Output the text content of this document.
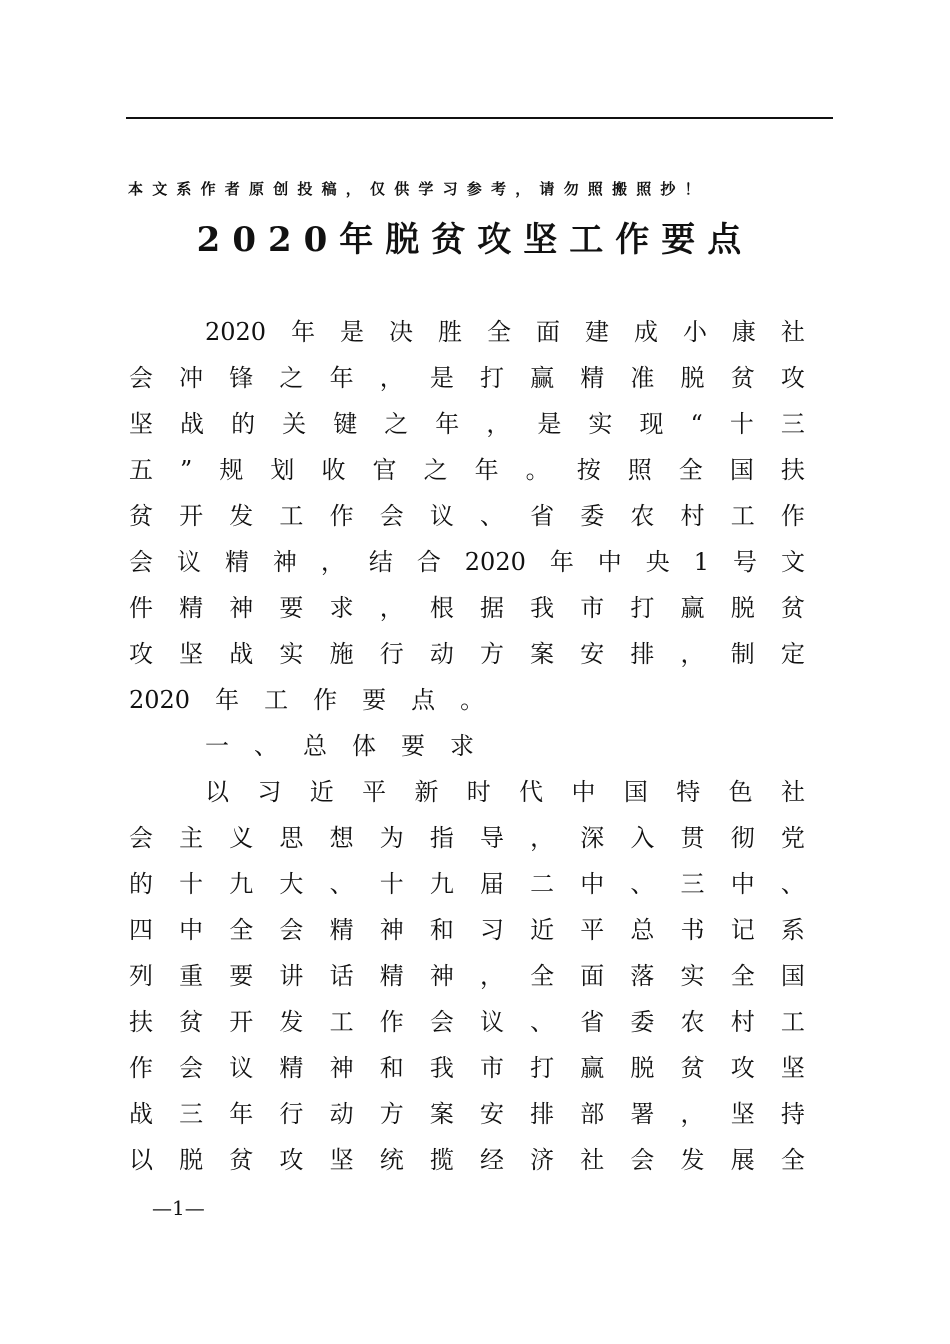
本文系作者原创投稿，仅供学习参考，请勿照搬照抄！
2020年脱贫攻坚工作要点
2020 年 是 决 胜 全 面 建 成 小 康 社
会 冲 锋 之 年 ， 是 打 赢 精 准 脱 贫 攻
坚 战 的 关 键 之 年 ， 是 实 现 “ 十 三
五 ” 规 划 收 官 之 年 。 按 照 全 国 扶
贫 开 发 工 作 会 议 、 省 委 农 村 工 作
会 议 精 神 ， 结 合 2020 年 中 央 1 号 文
件 精 神 要 求 ， 根 据 我 市 打 赢 脱 贫
攻 坚 战 实 施 行 动 方 案 安 排 ， 制 定
2020 年 工 作 要 点 。
一 、 总 体 要 求
以 习 近 平 新 时 代 中 国 特 色 社
会 主 义 思 想 为 指 导 ， 深 入 贯 彻 党
的 十 九 大 、 十 九 届 二 中 、 三 中 、
四 中 全 会 精 神 和 习 近 平 总 书 记 系
列 重 要 讲 话 精 神 ， 全 面 落 实 全 国
扶 贫 开 发 工 作 会 议 、 省 委 农 村 工
作 会 议 精 神 和 我 市 打 赢 脱 贫 攻 坚
战 三 年 行 动 方 案 安 排 部 署 ， 坚 持
以 脱 贫 攻 坚 统 揽 经 济 社 会 发 展 全
—1—
